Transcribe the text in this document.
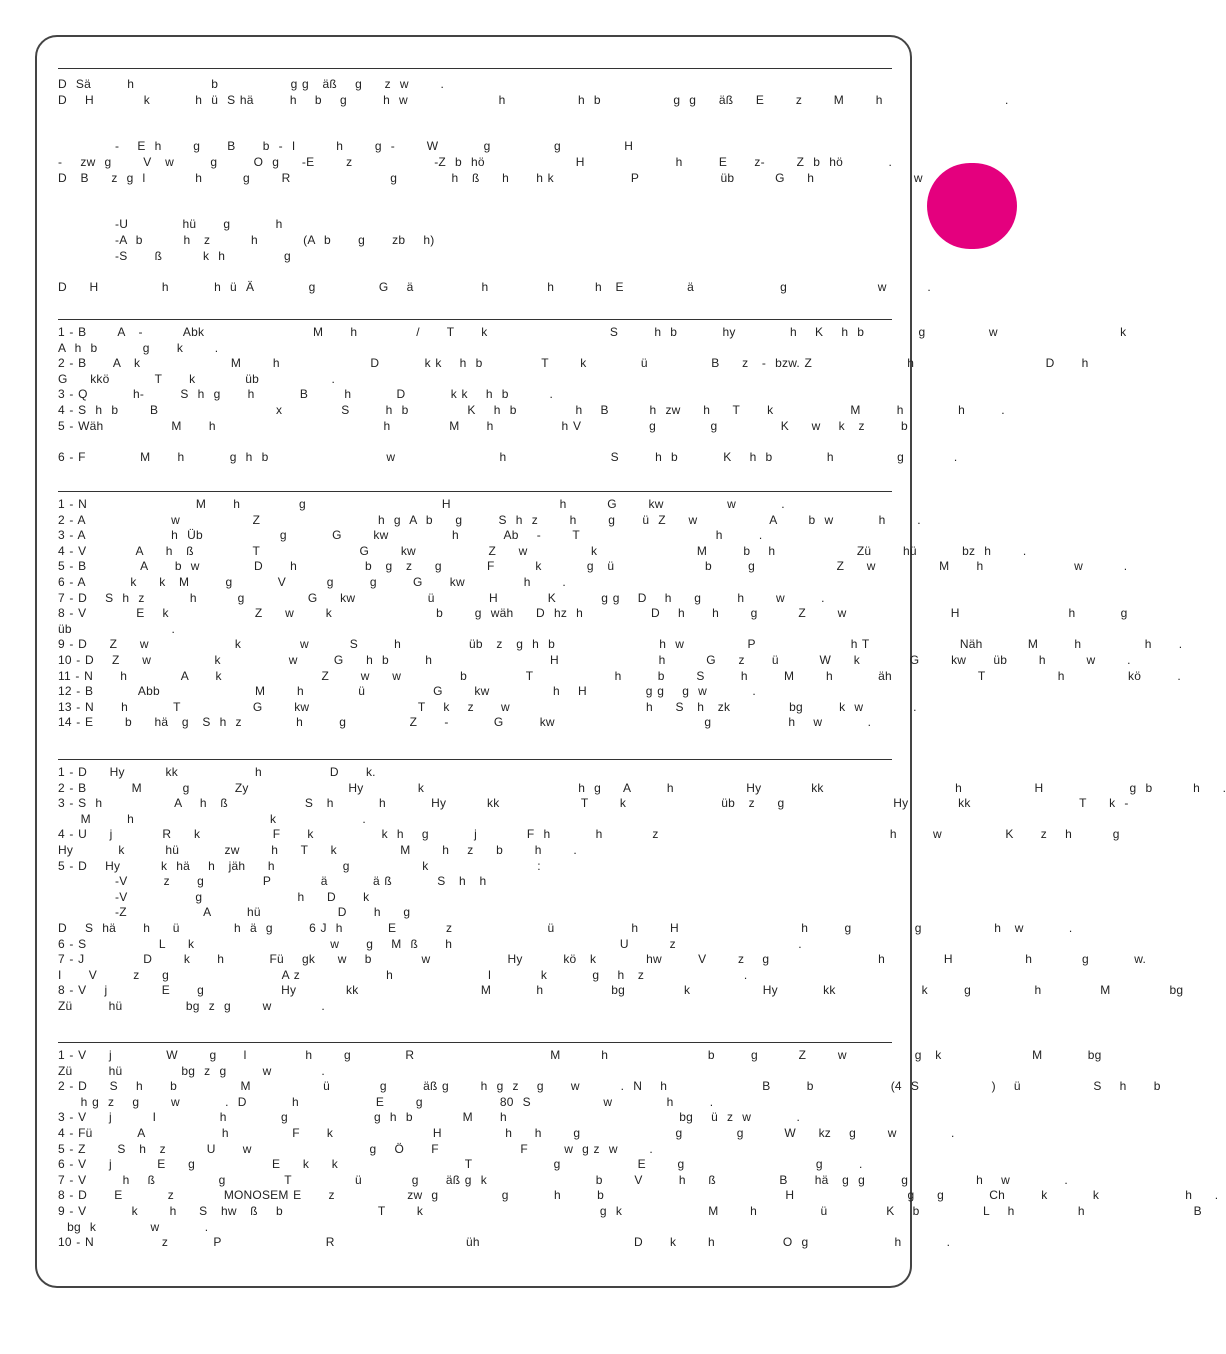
D  Sä        h                 b                g g   äß    g     z  w       .
D    H           k          h  ü  S hä        h    b    g        h  w                    h                h  b                g  g     äß     E       z       M       h                           .
-    E  h       g      B      b  -  I         h       g  -       W          g              g              H
-    zw  g       V   w        g        O  g     -E       z                  -Z  b  hö                    H                    h        E      z-       Z  b  hö          .
D   B     z  g  l           h         g       R                      g            h   ß     h      h k                 P                  üb         G     h                      w
-U            hü      g          h
-A  b         h   z         h          (A  b      g      zb    h)
-S      ß         k  h             g
D     H              h          h  ü  Ä            g              G    ä               h             h         h   E              ä                   g                    w         .
1 - B       A   -         Abk                        M      h             /      T      k                           S        h  b          hy            h    K    h  b            g              w                           k
A  h  b          g      k       .
2 - B      A   k                    M       h                    D          k k    h  b             T       k            ü              B     z   -  bzw. Z                     h                             D      h
G     kkö          T      k           üb                .
3 - Q          h-        S  h  g      h          B        h          D          k k    h  b         .
4 - S  h  b       B                          x             S        h  b             K    h  b             h    B         h  zw     h     T      k                 M        h            h        .
5 - Wäh               M      h                                     h             M      h               h V               g            g              K     w    k   z        b
6 - F            M      h          g  h  b                          w                       h                       S        h  b          K    h  b            h              g           .
1 - N                        M      h             g                              H                        h         G       kw              w          .
2 - A                   w                Z                          h  g  A  b     g        S  h  z       h       g      ü  Z     w                A       b  w          h       .
3 - A                   h  Üb                 g          G       kw              h          Ab    -       T                              h        .
4 - V           A     h   ß             T                      G       kw                Z     w              k                      M        b    h                  Zü       hü          bz  h       .
5 - B            A      b  w            D      h               b   g   z     g          F         k          g   ü                    b        g                  Z     w              M      h                    w         .
6 - A          k     k   M        g          V         g        g        G      kw             h       .
7 - D    S  h  z          h         g              G     kw                ü            H           K          g g    D    h     g        h       w        .
8 - V           E    k                   Z     w       k                       b       g  wäh     D  hz  h               D    h      h       g         Z       w                       H                        h          g
üb                      .
9 - D     Z     w                   k             w         S        h               üb   z   g  h  b                       h  w              P                     h T                    Näh          M        h              h      .
10 - D    Z     w              k               w        G     h  b        h                          H                      h         G     z      ü         W     k           G       kw      üb       h         w       .
11 - N      h            A      k                      Z       w     w             b             T                  h        b       S        h        M       h          äh                   T                h              kö        .
12 - B          Abb                     M       h            ü               G       kw              h    H             g g    g  w          .
13 - N      h          T                G       kw                        T    k    z      w                              h     S   h   zk             bg        k  w           .
14 - E       b     hä   g   S  h  z            h        g              Z      -          G        kw                                 g                 h    w          .
1 - D     Hy         kk                 h               D      k.
2 - B          M         g          Zy                      Hy            k                                  h  g     A        h                Hy           kk                             h                H                   g  b         h     .
3 - S  h                A    h   ß                 S   h          h          Hy         kk                  T       k                     üb   z     g                        Hy           kk                        T     k  -
M        h                              k                   .
4 - U     j           R     k                F      k               k  h    g          j           F  h          h           z                                                   h        w              K      z    h         g
Hy          k         hü          zw       h     T     k              M       h    z     b       h       .
5 - D    Hy         k  hä    h   jäh     h               g                k                        :
-V        z      g             P           ä          ä ß          S   h   h
-V               g                     h     D      k
-Z                 A        hü                 D      h     g
D    S  hä      h     ü            h  ä  g        6 J  h          E           z                     ü                 h       H                           h        g              g                h   w          .
6 - S                L     k                              w      g    M  ß      h                                     U         z                           .
7 - J             D       k      h          Fü    gk     w    b           w                 Hy         kö   k           hw        V       z    g                        h             H                h           g          w.
I      V        z     g                         A z                   h                     l           k          g    h   z                      .
8 - V    j            E      g                 Hy           kk                           M          h               bg             k                Hy          kk                   k        g              h             M             bg
Zü        hü              bg  z  g       w           .
1 - V     j            W       g      l             h       g            R                              M         h                      b        g         Z       w               g   k                    M          bg
Zü        hü             bg  z  g        w           .
2 - D     S    h      b              M                ü           g        äß g       h  g  z    g      w         .  N    h                     B        b                 (4  S                )    ü                S    h      b
h g  z    g       w          .  D          h                 E       g                 80  S                w            h        .
3 - V     j         I              h            g                   g  h  b           M      h                                      bg    ü  z  w          .
4 - Fü          A                 h              F      k                      H              h     h       g                     g            g         W     kz    g       w            .
5 - Z       S   h   z         U      w                          g    Ö      F                  F        w  g z  w       .
6 - V     j          E     g                 E     k     k                            T                  g                 E       g                             g        .
7 - V        h    ß              g             T              ü           g      äß g  k                        b       V        h     ß              B      hä   g  g        g               h    w            .
8 - D      E          z           MONOSEM E      z                zw  g              g          h        b                                        H                         g     g          Ch        k          k                   h     .
9 - V          k       h     S   hw   ß    b                     T       k                                       g  k                   M       h              ü             K    b              L    h              h                        B
bg  k            w          .
10 - N               z          P                       R                             üh                                  D      k       h               O  g                   h          .
